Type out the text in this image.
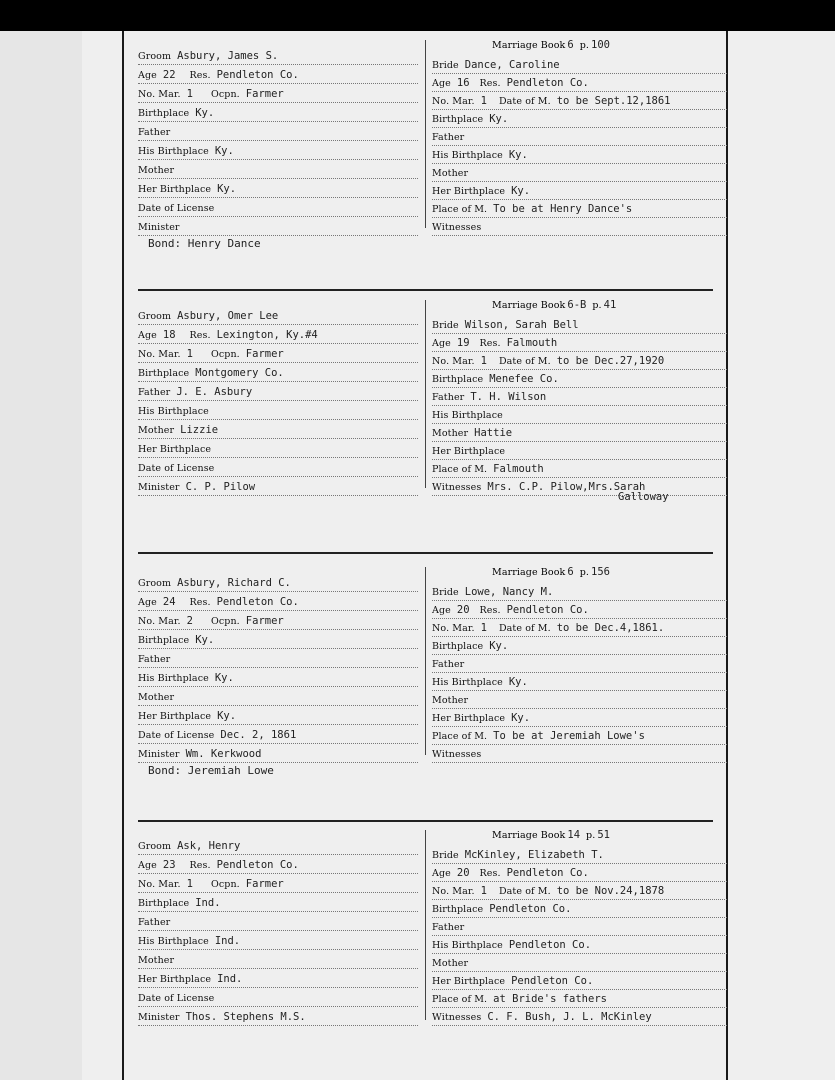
Groom Asbury, James S.
Age 22 Res. Pendleton Co.
No. Mar. 1 Ocpn. Farmer
Birthplace Ky.
Father
His Birthplace Ky.
Mother
Her Birthplace Ky.
Date of License
Minister
Marriage Book 6 p. 100
Bride Dance, Caroline
Age 16 Res. Pendleton Co.
No. Mar. 1 Date of M. to be Sept.12,1861
Birthplace Ky.
Father
His Birthplace Ky.
Mother
Her Birthplace Ky.
Place of M. To be at Henry Dance's
Witnesses
Bond: Henry Dance
Groom Asbury, Omer Lee
Age 18 Res. Lexington, Ky.#4
No. Mar. 1 Ocpn. Farmer
Birthplace Montgomery Co.
Father J. E. Asbury
His Birthplace
Mother Lizzie
Her Birthplace
Date of License
Minister C. P. Pilow
Marriage Book 6-B p. 41
Bride Wilson, Sarah Bell
Age 19 Res. Falmouth
No. Mar. 1 Date of M. to be Dec.27,1920
Birthplace Menefee Co.
Father T. H. Wilson
His Birthplace
Mother Hattie
Her Birthplace
Place of M. Falmouth
Witnesses Mrs. C.P. Pilow,Mrs.Sarah
Galloway
Groom Asbury, Richard C.
Age 24 Res. Pendleton Co.
No. Mar. 2 Ocpn. Farmer
Birthplace Ky.
Father
His Birthplace Ky.
Mother
Her Birthplace Ky.
Date of License Dec. 2, 1861
Minister Wm. Kerkwood
Marriage Book 6 p. 156
Bride Lowe, Nancy M.
Age 20 Res. Pendleton Co.
No. Mar. 1 Date of M. to be Dec.4,1861.
Birthplace Ky.
Father
His Birthplace Ky.
Mother
Her Birthplace Ky.
Place of M. To be at Jeremiah Lowe's
Witnesses
Bond: Jeremiah Lowe
Groom Ask, Henry
Age 23 Res. Pendleton Co.
No. Mar. 1 Ocpn. Farmer
Birthplace Ind.
Father
His Birthplace Ind.
Mother
Her Birthplace Ind.
Date of License
Minister Thos. Stephens M.S.
Marriage Book 14 p. 51
Bride McKinley, Elizabeth T.
Age 20 Res. Pendleton Co.
No. Mar. 1 Date of M. to be Nov.24,1878
Birthplace Pendleton Co.
Father
His Birthplace Pendleton Co.
Mother
Her Birthplace Pendleton Co.
Place of M. at Bride's fathers
Witnesses C. F. Bush, J. L. McKinley
